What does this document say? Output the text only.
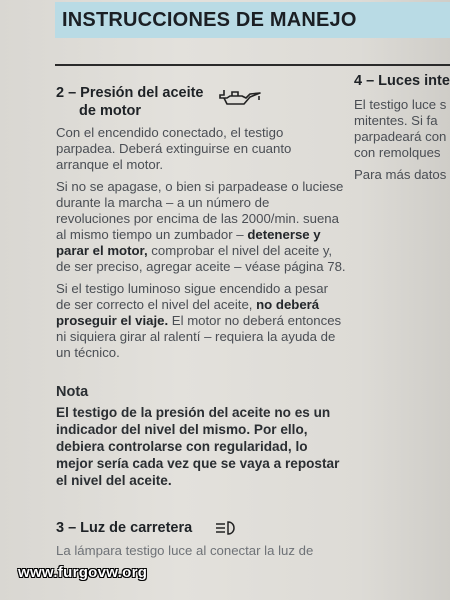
INSTRUCCIONES DE MANEJO
2 – Presión del aceite
de motor

Con el encendido conectado, el testigo parpadea. Deberá extinguirse en cuanto arranque el motor.

Si no se apagase, o bien si parpadease o luciese durante la marcha – a un número de revoluciones por encima de las 2000/min. suena al mismo tiempo un zumbador – detenerse y parar el motor, comprobar el nivel del aceite y, de ser preciso, agregar aceite – véase página 78.

Si el testigo luminoso sigue encendido a pesar de ser correcto el nivel del aceite, no deberá proseguir el viaje. El motor no deberá entonces ni siquiera girar al ralentí – requiera la ayuda de un técnico.

Nota

El testigo de la presión del aceite no es un indicador del nivel del mismo. Por ello, debiera controlarse con regularidad, lo mejor sería cada vez que se vaya a repostar el nivel del aceite.

3 – Luz de carretera
La lámpara testigo luce al conectar la luz de
4 – Luces inte
El testigo luce s
mitentes. Si fa
parpadeará con
con remolques
Para más datos
www.furgovw.org
